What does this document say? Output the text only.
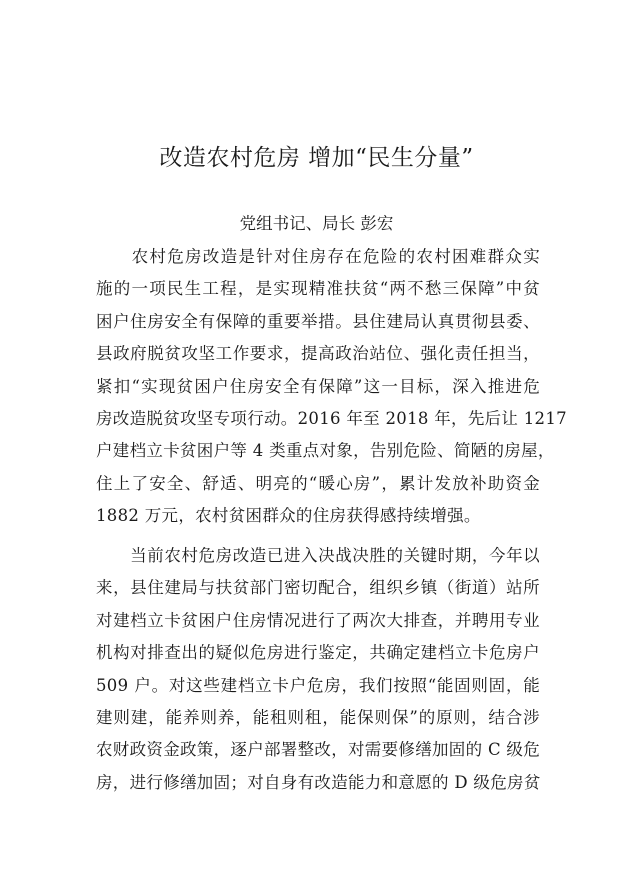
改造农村危房 增加“民生分量”
党组书记、局长 彭宏
　　农村危房改造是针对住房存在危险的农村困难群众实
施的一项民生工程，是实现精准扶贫“两不愁三保障”中贫
困户住房安全有保障的重要举措。县住建局认真贯彻县委、
县政府脱贫攻坚工作要求，提高政治站位、强化责任担当，
紧扣“实现贫困户住房安全有保障”这一目标，深入推进危
房改造脱贫攻坚专项行动。2016 年至 2018 年，先后让 1217
户建档立卡贫困户等 4 类重点对象，告别危险、简陋的房屋，
住上了安全、舒适、明亮的“暖心房”，累计发放补助资金
1882 万元，农村贫困群众的住房获得感持续增强。
　　当前农村危房改造已进入决战决胜的关键时期，今年以
来，县住建局与扶贫部门密切配合，组织乡镇（街道）站所
对建档立卡贫困户住房情况进行了两次大排查，并聘用专业
机构对排查出的疑似危房进行鉴定，共确定建档立卡危房户
509 户。对这些建档立卡户危房，我们按照“能固则固，能
建则建，能养则养，能租则租，能保则保”的原则，结合涉
农财政资金政策，逐户部署整改，对需要修缮加固的 C 级危
房，进行修缮加固；对自身有改造能力和意愿的 D 级危房贫
